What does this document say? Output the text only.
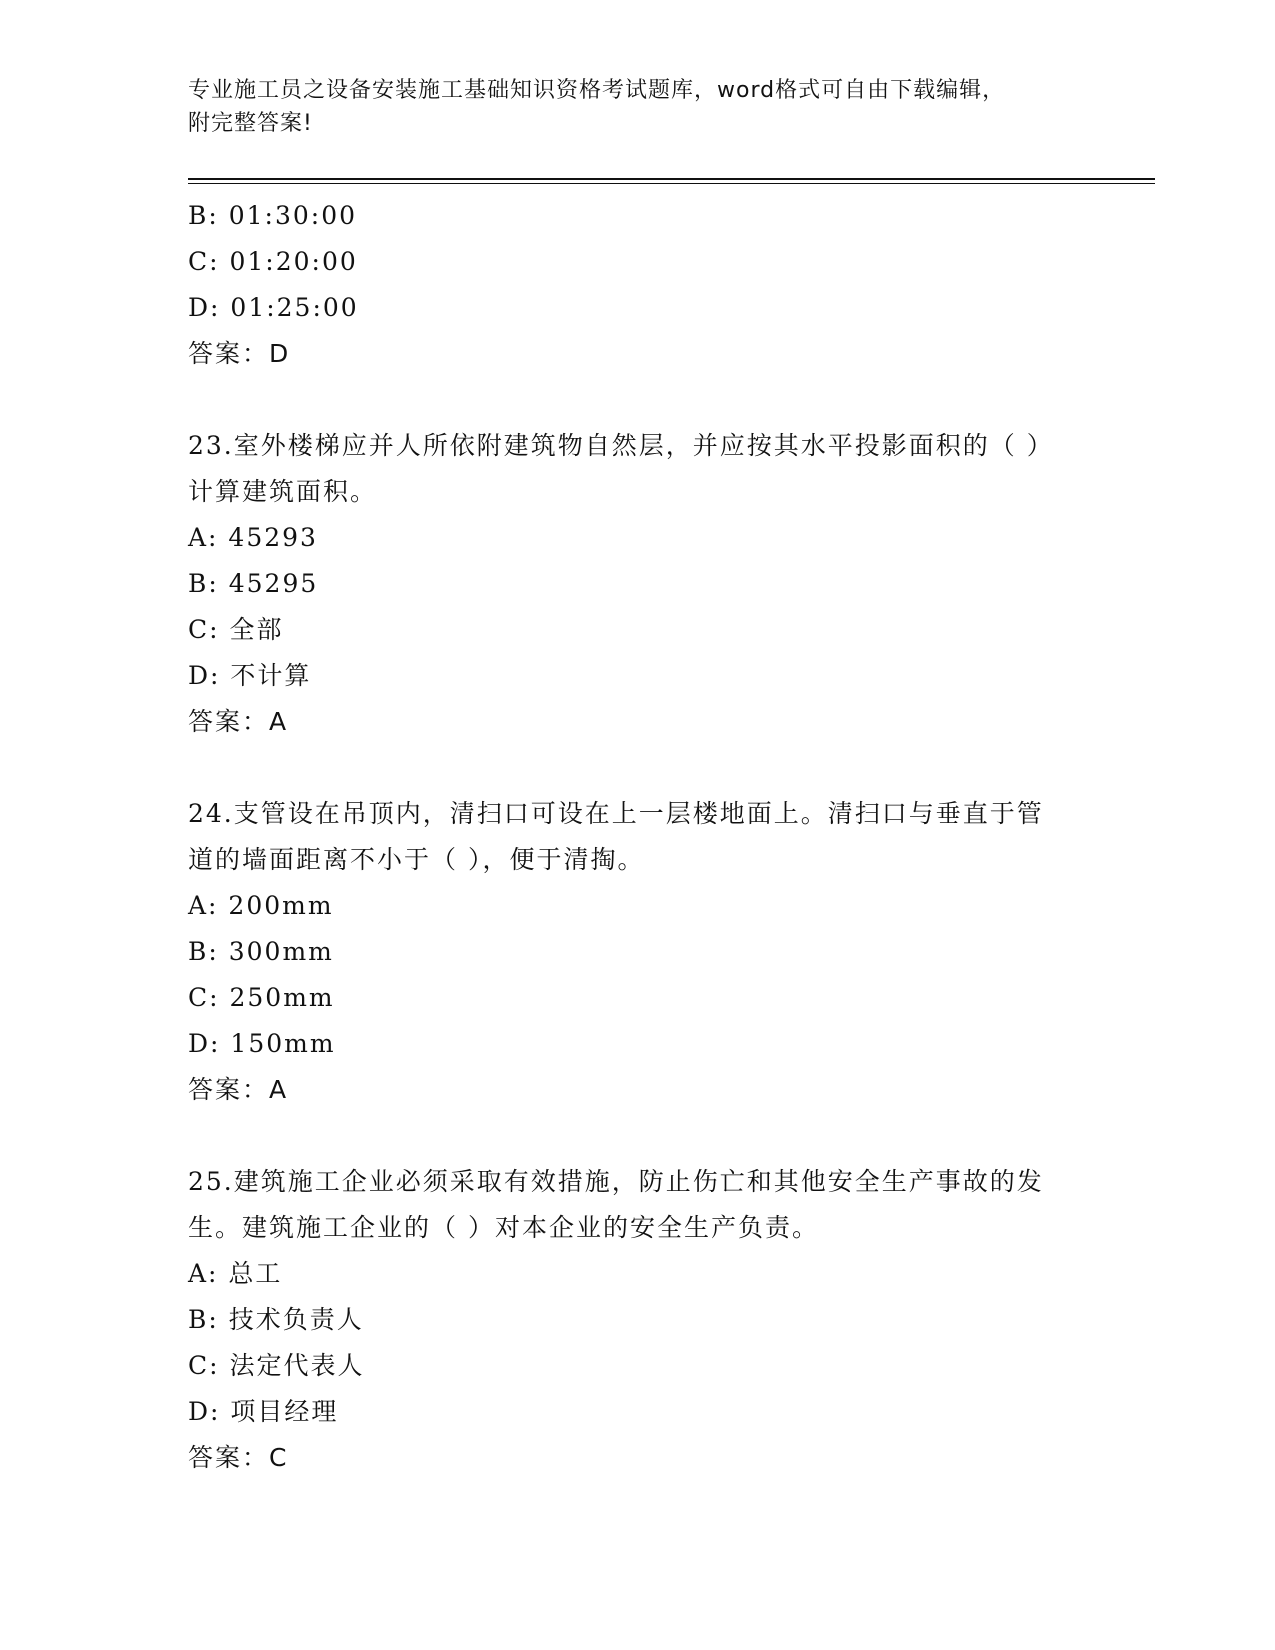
专业施工员之设备安装施工基础知识资格考试题库，word格式可自由下载编辑，
附完整答案!
B: 01:30:00
C: 01:20:00
D: 01:25:00
答案：D
23.室外楼梯应并人所依附建筑物自然层，并应按其水平投影面积的（ ）计算建筑面积。
A: 45293
B: 45295
C: 全部
D: 不计算
答案：A
24.支管设在吊顶内，清扫口可设在上一层楼地面上。清扫口与垂直于管道的墙面距离不小于（ ），便于清掏。
A: 200mm
B: 300mm
C: 250mm
D: 150mm
答案：A
25.建筑施工企业必须采取有效措施，防止伤亡和其他安全生产事故的发生。建筑施工企业的（ ）对本企业的安全生产负责。
A: 总工
B: 技术负责人
C: 法定代表人
D: 项目经理
答案：C
